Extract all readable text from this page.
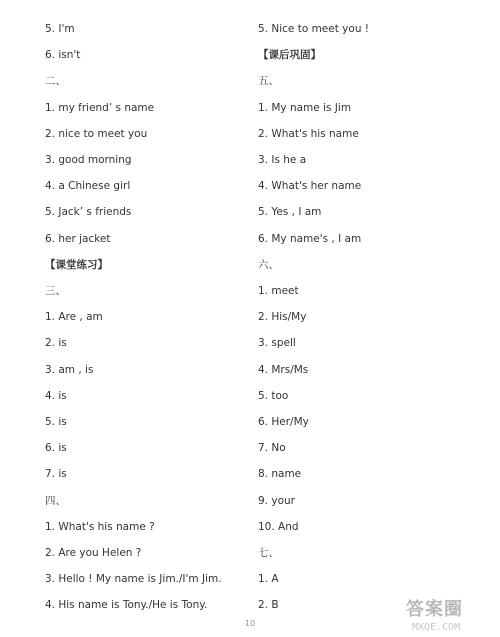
5. I'm
6. isn't
二、
1. my friend’ s name
2. nice to meet you
3. good morning
4. a Chinese girl
5. Jack’ s friends
6. her jacket
【课堂练习】
三、
1. Are , am
2. is
3. am , is
4. is
5. is
6. is
7. is
四、
1. What's his name ?
2. Are you Helen ?
3. Hello ! My name is Jim./I'm Jim.
4. His name is Tony./He is Tony.
5. Nice to meet you !
【课后巩固】
五、
1. My name is Jim
2. What's his name
3. Is he a
4. What's her name
5. Yes , I am
6. My name's , I am
六、
1. meet
2. His/My
3. spell
4. Mrs/Ms
5. too
6. Her/My
7. No
8. name
9. your
10. And
七、
1. A
2. B
10
答案圈
MXQE.COM
